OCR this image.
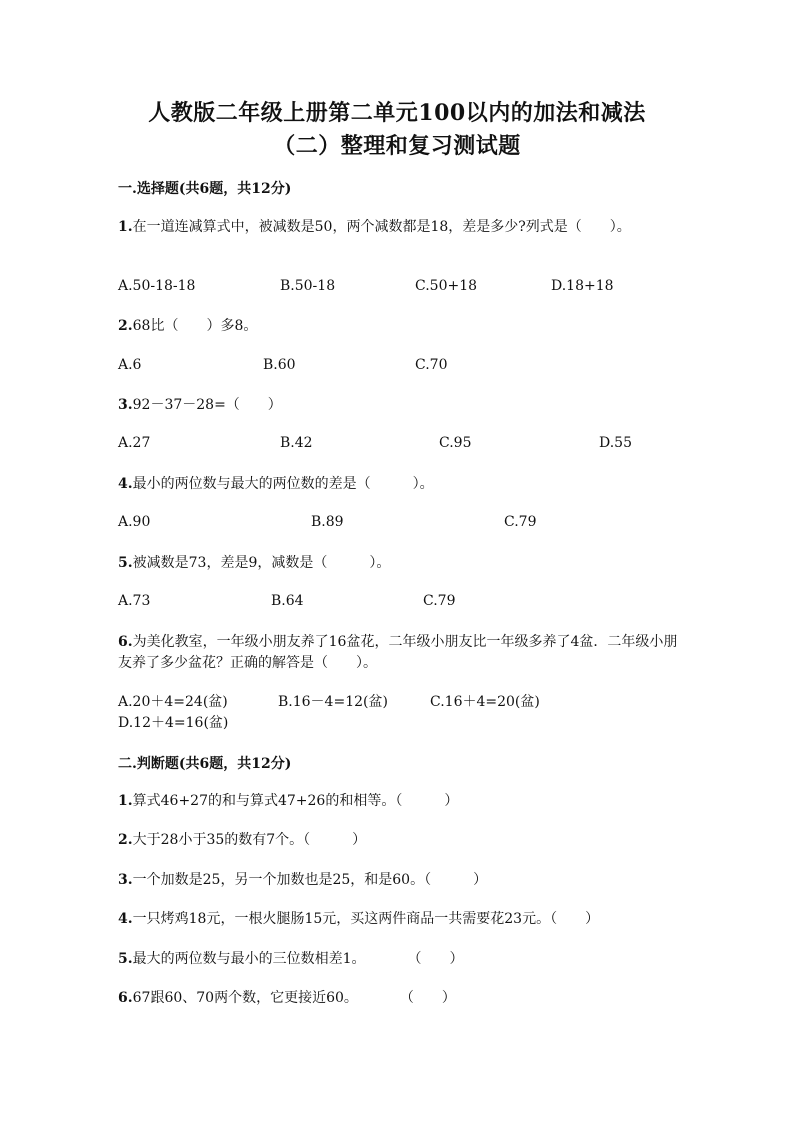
人教版二年级上册第二单元100以内的加法和减法
（二）整理和复习测试题
一.选择题(共6题，共12分)
1.在一道连减算式中，被减数是50，两个减数都是18，差是多少?列式是（　　）。
A.50-18-18	B.50-18	C.50+18	D.18+18
2.68比（　　）多8。
A.6	B.60	C.70
3.92－37－28=（　　）
A.27	B.42	C.95	D.55
4.最小的两位数与最大的两位数的差是（　　　）。
A.90	B.89	C.79
5.被减数是73，差是9，减数是（　　　）。
A.73	B.64	C.79
6.为美化教室，一年级小朋友养了16盆花，二年级小朋友比一年级多养了4盆．二年级小朋友养了多少盆花？正确的解答是（　　）。
A.20＋4=24(盆)	B.16－4=12(盆)	C.16＋4=20(盆)D.12＋4=16(盆)
二.判断题(共6题，共12分)
1.算式46+27的和与算式47+26的和相等。（　　　）
2.大于28小于35的数有7个。（　　　）
3.一个加数是25，另一个加数也是25，和是60。（　　　）
4.一只烤鸡18元，一根火腿肠15元，买这两件商品一共需要花23元。（　　）
5.最大的两位数与最小的三位数相差1。　　　　（　　）
6.67跟60、70两个数，它更接近60。　　　　（　　）
